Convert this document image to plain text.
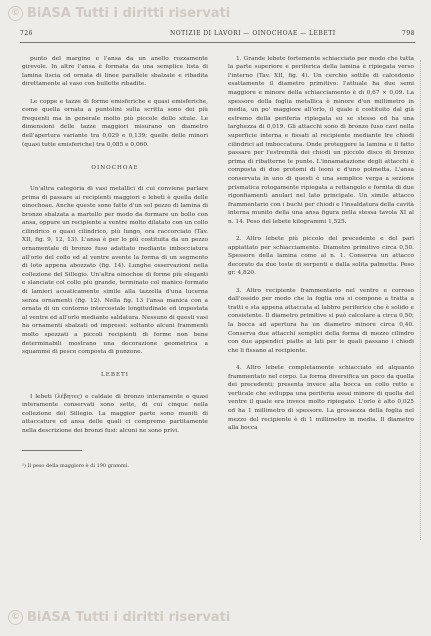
© BiASA Tutti i diritti riservati
726	NOTIZIE DI LAVORI — OINOCHOAE — LEBETI	798

punto del margine e l'ansa da un anello rozzamente girevole. In altre l'ansa è formata da una semplice lista di lamina liscia od ornata di linee parallele sbalzate e ribadita direttamente al vaso con bullette ribadite.

Le coppe e tazze di forme emisferiche e quasi emisferiche, come quella ornata a puntolini sulla scritta sono dei più frequenti ma in generale molto più piccole dello situle. Le dimensioni delle tazze maggiori misurano un diametro dell'apertura variante tra 0,029 e 0,139; quelle delle minori (quasi tutte emisferiche) tra 0,085 e 0,060.

OINOCHOAE

Un'altra categoria di vasi metallici di cui conviene parlare prima di passare ai recipienti maggiori e lebeti è quella delle oinochoae. Anche queste sono fatte d'un sol pezzo di lamina di bronzo sbalzata a martello per modo da formare un bollo con ansa, oppure un recipiente a ventre molto dilatato con un collo cilindrico o quasi cilindrico, più lungo, ora raccorciato (Tav. XII, fig. 9, 12, 13). L'ansa è per lo più costituita da un pezzo ornamentale di bronzo fuso adattato mediante imbocciatura all'orlo del collo ed al ventre avente la forma di un segmento di loto appena abozzato (fig. 14). Lunghe osservazioni nella collezione del Sillegio. Un'altra oinochoe di forme più eleganti e slanciate col collo più grande, terminato col manico formato di lamieri acuaticamente simile alla tazzella d'una lucerna senza ornamenti (fig. 12). Nella fig. 13 l'ansa manica con a ornata di un contorno intercostale longitudinale ed impostata al ventre ed all'orlo mediante saldatura. Nessuno di questi vasi ha ornamenti sbalzati od impressi: soltanto alcuni frammenti molto spezzati a piccoli recipienti di forme non bene determinabili mostrano una decorazione geometrica a squamme di pesce composta di punzone.

LEBETI

I lebeti (λέβητες) e caldaie di bronzo interamente o quasi interamente conservati sono sette, di cui cinque nella collezione del Sillegio. La maggior parte sono muniti di attaccature ed ansa delle quali ci compremo partitamente nella descrizione dei bronzi fusi: alcuni ne sono privi.

¹) Il peso della maggiore è di 190 grammi.

1. Grande lebete fortemente schiacciato per modo che tutta la parte superiore e periferica della lamina è ripiegata verso l'interno (Tav. XII, fig. 4). Un cerchio sottile di calcedonio esattamente il diametro primitivo: l'attuale ha due semi maggiore e minore della schiacciamento è di 0,67 × 0,09. La spessore della foglia metallica è minore d'un millimetro in media, un po' maggiore all'orlo, il quale è costituito dal già estremo della periferia ripiegata su se stesso ed ha una larghezza di 0,019. Gli attacchi sono di bronzo fuso cavi nella superficie interna e fissati al recipiente mediante tre chiodi cilindrici ad imboccatura. Onde proteggere la lamina e il fatto passare per l'estremità dei chiodi un piccolo disco di bronzo prima di ribatterne le punte. L'innamatazione degli attacchi è composta di due protomi di leoni e d'uno polmetta. L'ansa conservata in uno di questi è una semplice verga a sezione prismatica rotogamente ripiegata a rettangolo e fornita di due rigonfiamenti anulari nel lato principale. Un simile attacco frammentario con i buchi per chiodi e l'insaldatura della cavità interna munito della una ansa figura nella stessa tavola XI al n. 14. Peso del lebete kilogrammi 1,525.

2. Altro lebete più piccolo del precedente e del pari appiattato per schiacciamento. Diametro primitivo circa 0,50. Spessore della lamina come al n. 1. Conserva un attacco decorato da due teste di serpenti e dalla solita palmetta. Peso gr. 4,820.

3. Altro recipiente frammentario nel ventre e corroso dall'ossido per modo che la foglia ora si compone a tratta a tratti e sta appena attaccata al labbro periferico che è solido e consistente. Il diametro primitivo si può calcolare a circa 0,50; la bocca ad apertura ha un diametro minore circa 0,40. Conserva due attacchi semplici della forma di mezzo cilindro con due appendici piatte ai lati per le quali passano i chiodi che li fissano al recipiente.

4. Altro lebete completamente schiacciato ed alquanto frammentato nel corpo. La forma diversifica un poco da quella dei precedenti; presenta invece alla bocca un collo retto e verticale che sviluppa una periferia assai minore di quella del ventre il quale era invece molto ripiegato. L'orlo è alto 0,025 ed ha 1 millimetro di spessore. La grossezza della foglia nel mezzo del recipiente è di 1 millimetro in media. Il diametro alla bocca

© BiASA Tutti i diritti riservati
